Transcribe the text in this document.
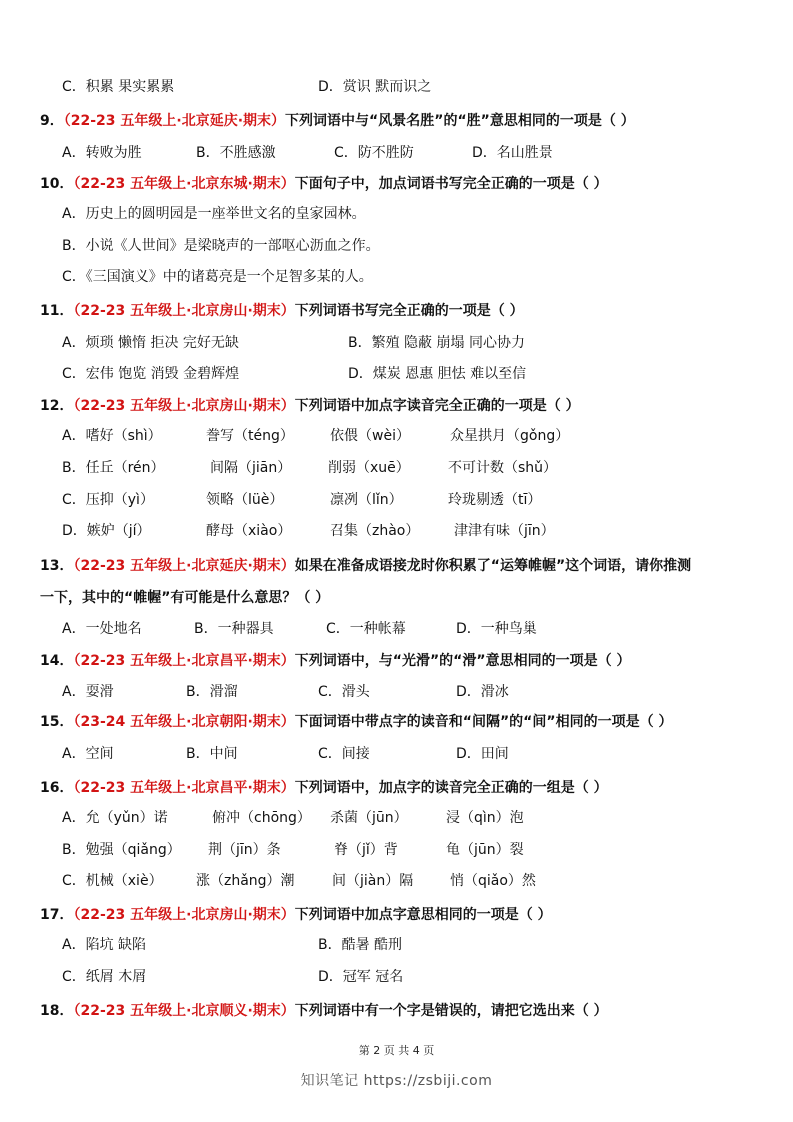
C．积累 果实累累	D．赏识 默而识之
9．（22-23 五年级上·北京延庆·期末）下列词语中与“风景名胜”的“胜”意思相同的一项是（ ）
A．转败为胜	B．不胜感激	C．防不胜防	D．名山胜景
10．（22-23 五年级上·北京东城·期末）下面句子中，加点词语书写完全正确的一项是（ ）
A．历史上的圆明园是一座举世文名的皇家园林。
B．小说《人世间》是梁晓声的一部呕心沥血之作。
C．《三国演义》中的诸葛亮是一个足智多某的人。
11．（22-23 五年级上·北京房山·期末）下列词语书写完全正确的一项是（ ）
A．烦琐 懒惰 拒决 完好无缺	B．繁殖 隐蔽 崩塌 同心协力
C．宏伟 饱览 消毁 金碧辉煌	D．煤炭 恩惠 胆怯 难以至信
12．（22-23 五年级上·北京房山·期末）下列词语中加点字读音完全正确的一项是（ ）
A．嗜好（shì）	誊写（téng）	依偎（wèi）	众星拱月（gǒng）
B．任丘（rén）	间隔（jiān）	削弱（xuē）	不可计数（shǔ）
C．压抑（yì）	领略（lüè）	凛冽（lǐn）	玲珑剔透（tī）
D．嫉妒（jí）	酵母（xiào）	召集（zhào） 津津有味（jīn）
13．（22-23 五年级上·北京延庆·期末）如果在准备成语接龙时你积累了“运筹帷幄”这个词语，请你推测
一下，其中的“帷幄”有可能是什么意思？（ ）
A．一处地名	B．一种器具	C．一种帐幕	D．一种鸟巢
14．（22-23 五年级上·北京昌平·期末）下列词语中，与“光滑”的“滑”意思相同的一项是（ ）
A．耍滑	B．滑溜	C．滑头	D．滑冰
15．（23-24 五年级上·北京朝阳·期末）下面词语中带点字的读音和“间隔”的“间”相同的一项是（ ）
A．空间	B．中间	C．间接	D．田间
16．（22-23 五年级上·北京昌平·期末）下列词语中，加点字的读音完全正确的一组是（ ）
A．允（yǔn）诺	俯冲（chōng） 杀菌（jūn）	浸（qìn）泡
B．勉强（qiǎng） 荆（jīn）条	脊（jǐ）背	龟（jūn）裂
C．机械（xiè） 涨（zhǎng）潮	间（jiàn）隔	悄（qiǎo）然
17．（22-23 五年级上·北京房山·期末）下列词语中加点字意思相同的一项是（ ）
A．陷坑 缺陷	B．酷暑 酷刑
C．纸屑 木屑	D．冠军 冠名
18．（22-23 五年级上·北京顺义·期末）下列词语中有一个字是错误的，请把它选出来（ ）
第 2 页 共 4 页
知识笔记 https://zsbiji.com
